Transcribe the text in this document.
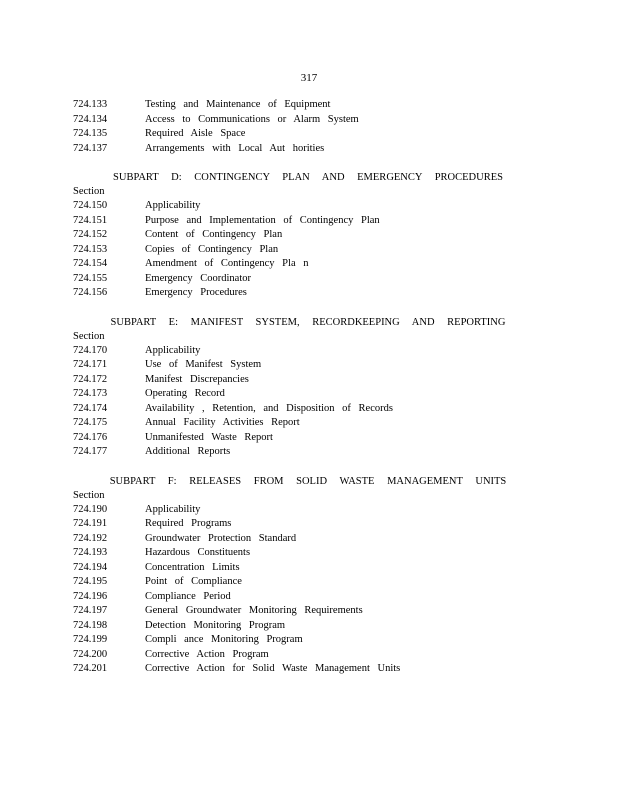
317
724.133	Testing and Maintenance of Equipment
724.134	Access to Communications or Alarm System
724.135	Required Aisle Space
724.137	Arrangements with Local Aut horities
SUBPART D: CONTINGENCY PLAN AND EMERGENCY PROCEDURES
Section
724.150	Applicability
724.151	Purpose and Implementation of Contingency Plan
724.152	Content of Contingency Plan
724.153	Copies of Contingency Plan
724.154	Amendment of Contingency Pla n
724.155	Emergency Coordinator
724.156	Emergency Procedures
SUBPART E: MANIFEST SYSTEM, RECORDKEEPING AND REPORTING
Section
724.170	Applicability
724.171	Use of Manifest System
724.172	Manifest Discrepancies
724.173	Operating Record
724.174	Availability , Retention, and Disposition of Records
724.175	Annual Facility Activities Report
724.176	Unmanifested Waste Report
724.177	Additional Reports
SUBPART F: RELEASES FROM SOLID WASTE MANAGEMENT UNITS
Section
724.190	Applicability
724.191	Required Programs
724.192	Groundwater Protection Standard
724.193	Hazardous Constituents
724.194	Concentration Limits
724.195	Point of Compliance
724.196	Compliance Period
724.197	General Groundwater Monitoring Requirements
724.198	Detection Monitoring Program
724.199	Compli ance Monitoring Program
724.200	Corrective Action Program
724.201	Corrective Action for Solid Waste Management Units
